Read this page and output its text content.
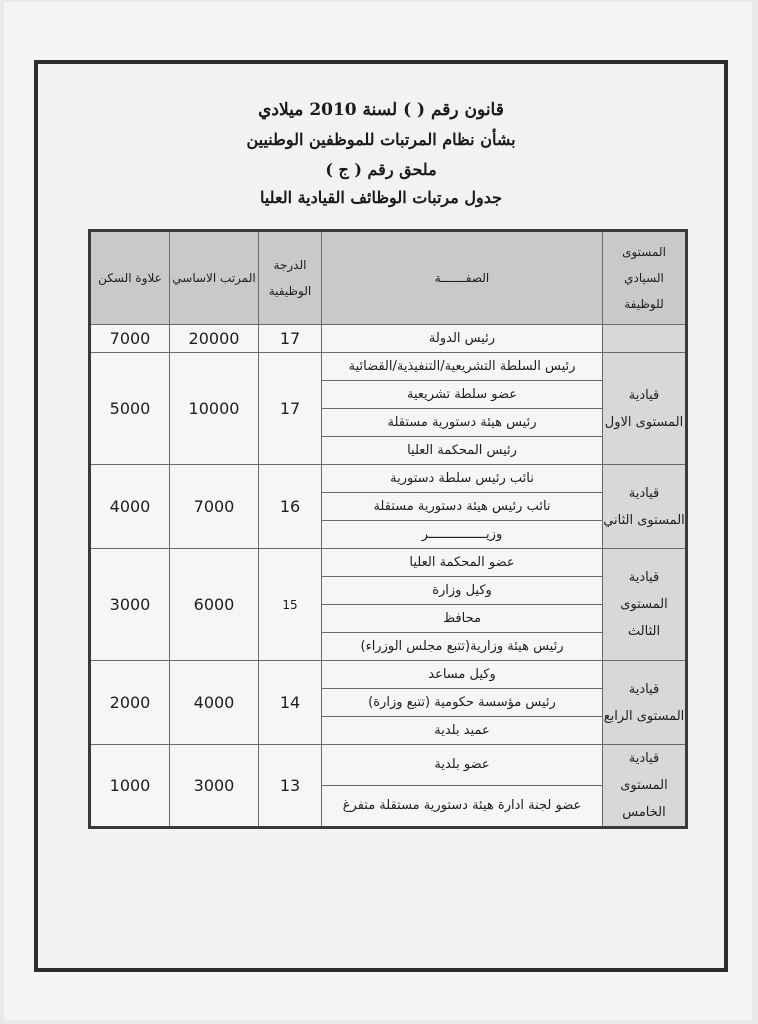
قانون رقم ( ) لسنة 2010 ميلادي
بشأن نظام المرتبات للموظفين الوطنيين
ملحق رقم ( ج )
جدول مرتبات الوظائف القيادية العليا
المستوى السيادي للوظيفة	الصفـــــــة	الدرجة الوظيفية	المرتب الاساسي	علاوة السكن
	رئيس الدولة	17	20000	7000
قيادية المستوى الاول	رئيس السلطة التشريعية/التنفيذية/القضائية	17	10000	5000
	عضو سلطة تشريعية			
	رئيس هيئة دستورية مستقلة			
	رئيس المحكمة العليا			
قيادية المستوى الثاني	نائب رئيس سلطة دستورية	16	7000	4000
	نائب رئيس هيئة دستورية مستقلة			
	وزيـــــــــــــــر			
قيادية المستوى الثالث	عضو المحكمة العليا	15	6000	3000
	وكيل وزارة			
	محافظ			
	رئيس هيئة وزارية(تتبع مجلس الوزراء)			
قيادية المستوى الرابع	وكيل مساعد	14	4000	2000
	رئيس مؤسسة حكومية (تتبع وزارة)			
	عميد بلدية			
قيادية المستوى الخامس	عضو بلدية	13	3000	1000
	عضو لجنة ادارة هيئة دستورية مستقلة متفرغ			
